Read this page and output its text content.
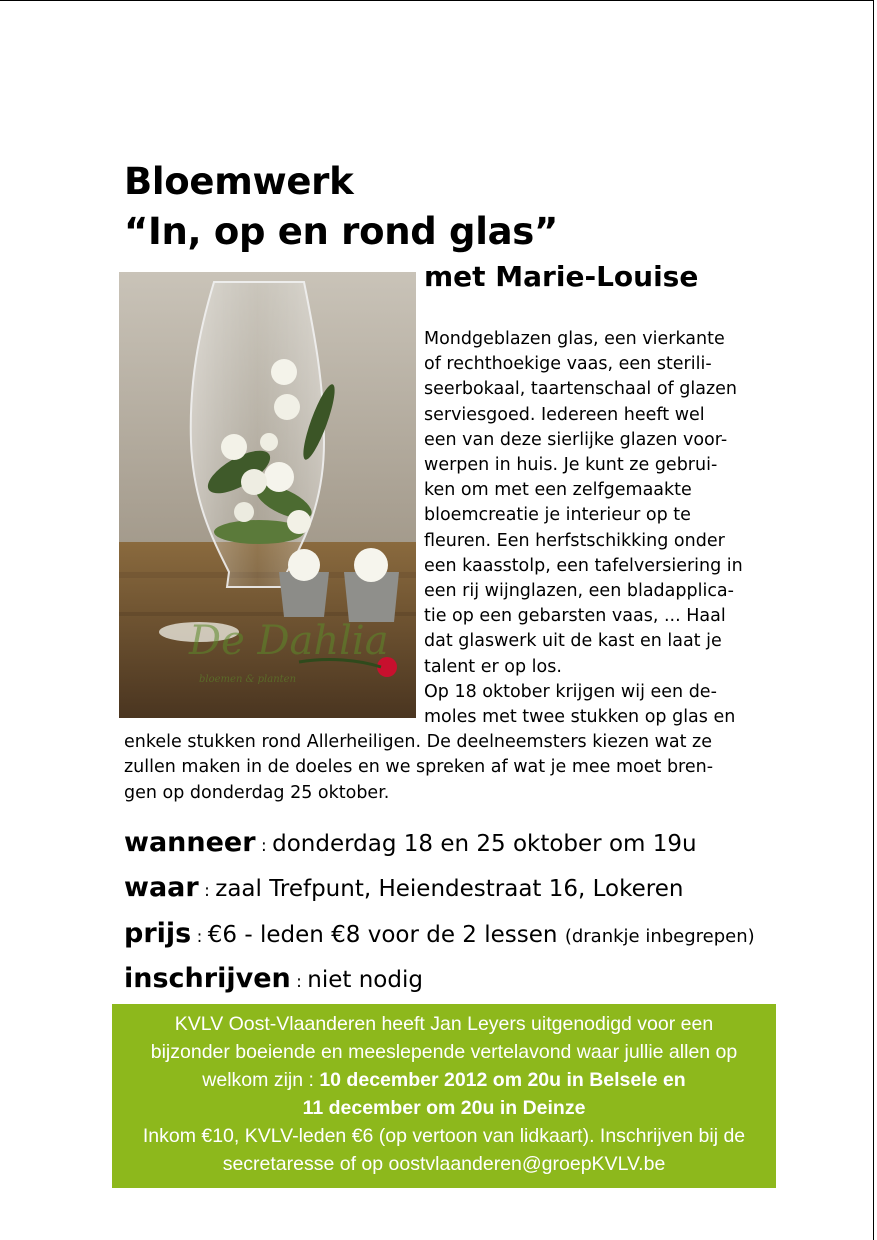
Bloemwerk
“In, op en rond glas”
met Marie-Louise
De Dahlia
bloemen & planten
Mondgeblazen glas, een vierkante
of rechthoekige vaas, een sterili-
seerbokaal, taartenschaal of glazen
serviesgoed. Iedereen heeft wel
een van deze sierlijke glazen voor-
werpen in huis. Je kunt ze gebrui-
ken om met een zelfgemaakte
bloemcreatie je interieur op te
fleuren. Een herfstschikking onder
een kaasstolp, een tafelversiering in
een rij wijnglazen, een bladapplica-
tie op een gebarsten vaas, ... Haal
dat glaswerk uit de kast en laat je
talent er op los.
Op 18 oktober krijgen wij een de-
moles met twee stukken op glas en
enkele stukken rond Allerheiligen. De deelneemsters kiezen wat ze
zullen maken in de doeles en we spreken af wat je mee moet bren-
gen op donderdag 25 oktober.
wanneer : donderdag 18 en 25 oktober om 19u
waar : zaal Trefpunt, Heiendestraat 16, Lokeren
prijs : €6 - leden €8 voor de 2 lessen (drankje inbegrepen)
inschrijven : niet nodig
KVLV Oost-Vlaanderen heeft Jan Leyers uitgenodigd voor een
bijzonder boeiende en meeslepende vertelavond waar jullie allen op
welkom zijn : 10 december 2012 om 20u in Belsele en
11 december om 20u in Deinze
Inkom €10, KVLV-leden €6 (op vertoon van lidkaart). Inschrijven bij de
secretaresse of op oostvlaanderen@groepKVLV.be
